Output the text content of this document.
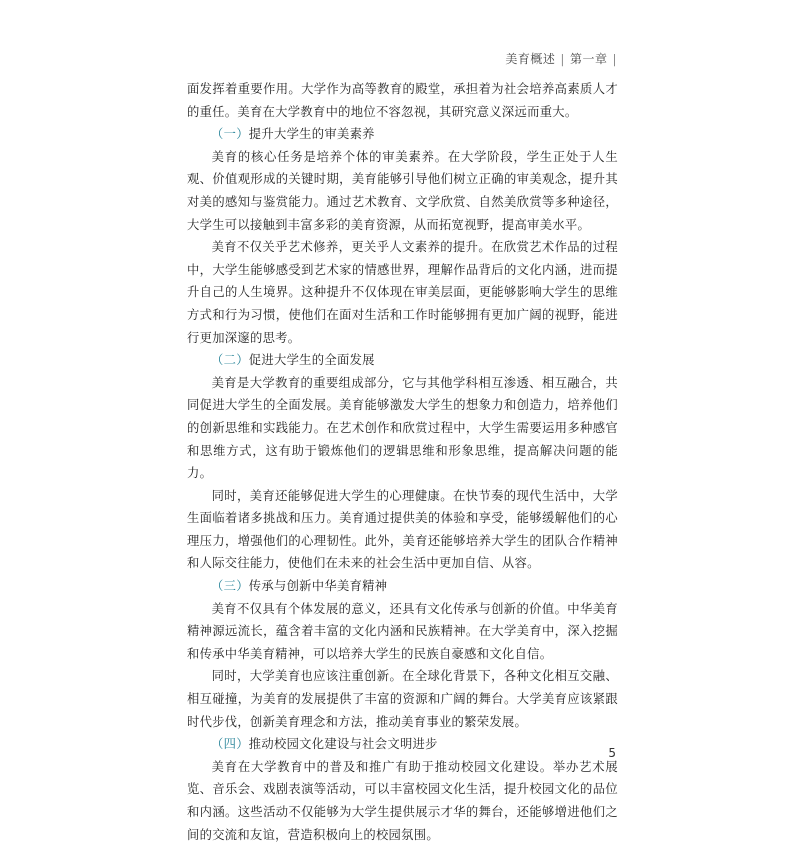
美育概述 | 第一章 |

面发挥着重要作用。大学作为高等教育的殿堂，承担着为社会培养高素质人才的重任。美育在大学教育中的地位不容忽视，其研究意义深远而重大。

（一）提升大学生的审美素养

美育的核心任务是培养个体的审美素养。在大学阶段，学生正处于人生观、价值观形成的关键时期，美育能够引导他们树立正确的审美观念，提升其对美的感知与鉴赏能力。通过艺术教育、文学欣赏、自然美欣赏等多种途径，大学生可以接触到丰富多彩的美育资源，从而拓宽视野，提高审美水平。

美育不仅关乎艺术修养，更关乎人文素养的提升。在欣赏艺术作品的过程中，大学生能够感受到艺术家的情感世界，理解作品背后的文化内涵，进而提升自己的人生境界。这种提升不仅体现在审美层面，更能够影响大学生的思维方式和行为习惯，使他们在面对生活和工作时能够拥有更加广阔的视野，能进行更加深邃的思考。

（二）促进大学生的全面发展

美育是大学教育的重要组成部分，它与其他学科相互渗透、相互融合，共同促进大学生的全面发展。美育能够激发大学生的想象力和创造力，培养他们的创新思维和实践能力。在艺术创作和欣赏过程中，大学生需要运用多种感官和思维方式，这有助于锻炼他们的逻辑思维和形象思维，提高解决问题的能力。

同时，美育还能够促进大学生的心理健康。在快节奏的现代生活中，大学生面临着诸多挑战和压力。美育通过提供美的体验和享受，能够缓解他们的心理压力，增强他们的心理韧性。此外，美育还能够培养大学生的团队合作精神和人际交往能力，使他们在未来的社会生活中更加自信、从容。

（三）传承与创新中华美育精神

美育不仅具有个体发展的意义，还具有文化传承与创新的价值。中华美育精神源远流长，蕴含着丰富的文化内涵和民族精神。在大学美育中，深入挖掘和传承中华美育精神，可以培养大学生的民族自豪感和文化自信。

同时，大学美育也应该注重创新。在全球化背景下，各种文化相互交融、相互碰撞，为美育的发展提供了丰富的资源和广阔的舞台。大学美育应该紧跟时代步伐，创新美育理念和方法，推动美育事业的繁荣发展。

（四）推动校园文化建设与社会文明进步

美育在大学教育中的普及和推广有助于推动校园文化建设。举办艺术展览、音乐会、戏剧表演等活动，可以丰富校园文化生活，提升校园文化的品位和内涵。这些活动不仅能够为大学生提供展示才华的舞台，还能够增进他们之间的交流和友谊，营造积极向上的校园氛围。

5
